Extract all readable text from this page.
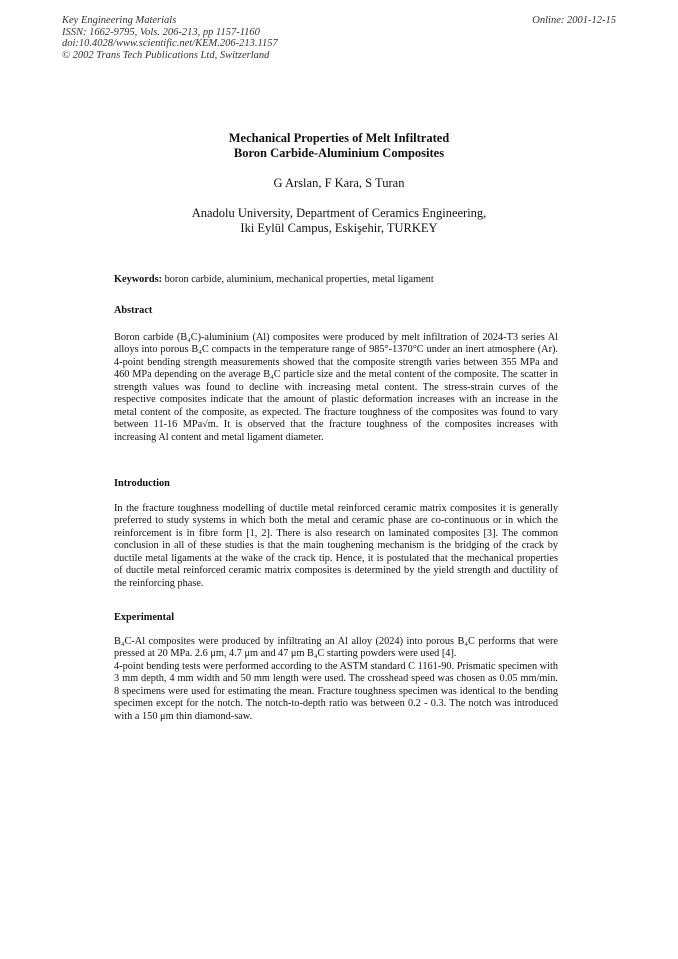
Key Engineering Materials
ISSN: 1662-9795, Vols. 206-213, pp 1157-1160
doi:10.4028/www.scientific.net/KEM.206-213.1157
© 2002 Trans Tech Publications Ltd, Switzerland
Online: 2001-12-15
Mechanical Properties of Melt Infiltrated
Boron Carbide-Aluminium Composites
G Arslan, F Kara, S Turan
Anadolu University, Department of Ceramics Engineering,
Iki Eylül Campus, Eskişehir, TURKEY
Keywords: boron carbide, aluminium, mechanical properties, metal ligament
Abstract

Boron carbide (B₄C)-aluminium (Al) composites were produced by melt infiltration of 2024-T3 series Al alloys into porous B₄C compacts in the temperature range of 985°-1370°C under an inert atmosphere (Ar). 4-point bending strength measurements showed that the composite strength varies between 355 MPa and 460 MPa depending on the average B₄C particle size and the metal content of the composite. The scatter in strength values was found to decline with increasing metal content. The stress-strain curves of the respective composites indicate that the amount of plastic deformation increases with an increase in the metal content of the composite, as expected. The fracture toughness of the composites was found to vary between 11-16 MPa√m. It is observed that the fracture toughness of the composites increases with increasing Al content and metal ligament diameter.

Introduction

In the fracture toughness modelling of ductile metal reinforced ceramic matrix composites it is generally preferred to study systems in which both the metal and ceramic phase are co-continuous or in which the reinforcement is in fibre form [1, 2]. There is also research on laminated composites [3]. The common conclusion in all of these studies is that the main toughening mechanism is the bridging of the crack by ductile metal ligaments at the wake of the crack tip. Hence, it is postulated that the mechanical properties of ductile metal reinforced ceramic matrix composites is determined by the yield strength and ductility of the reinforcing phase.

Experimental

B₄C-Al composites were produced by infiltrating an Al alloy (2024) into porous B₄C performs that were pressed at 20 MPa. 2.6 μm, 4.7 μm and 47 μm B₄C starting powders were used [4].

4-point bending tests were performed according to the ASTM standard C 1161-90. Prismatic specimen with 3 mm depth, 4 mm width and 50 mm length were used. The crosshead speed was chosen as 0.05 mm/min. 8 specimens were used for estimating the mean. Fracture toughness specimen was identical to the bending specimen except for the notch. The notch-to-depth ratio was between 0.2 - 0.3. The notch was introduced with a 150 μm thin diamond-saw.
